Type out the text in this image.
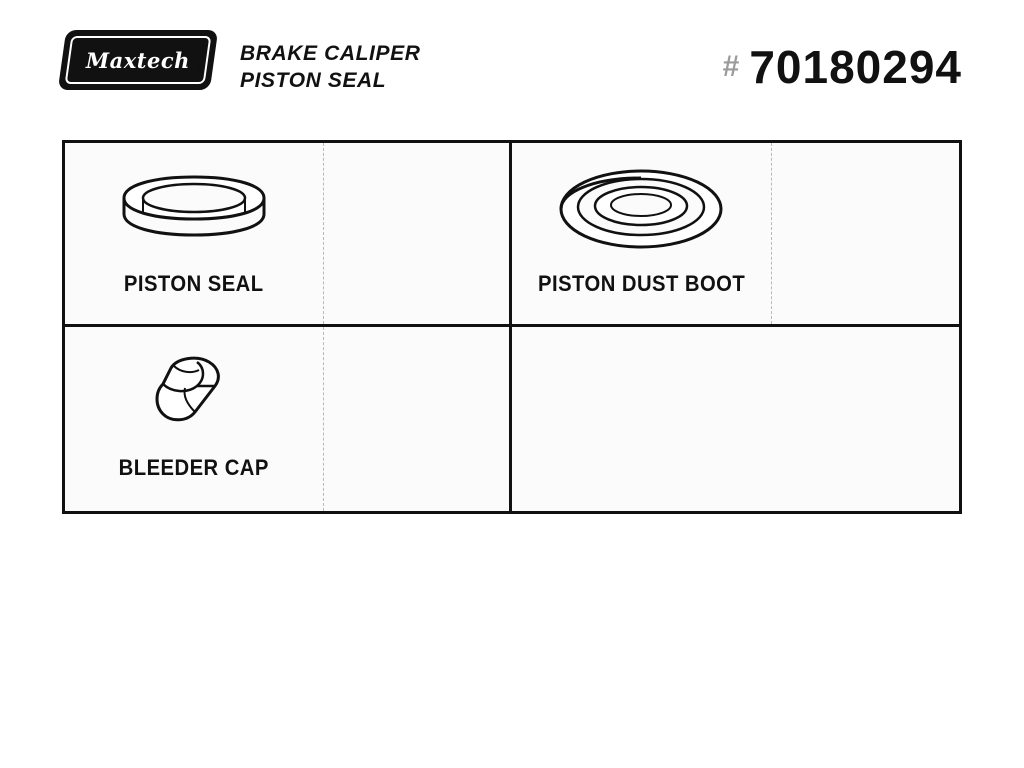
Maxtech ®
BRAKE CALIPER
PISTON SEAL	# 70180294
PISTON SEAL	PISTON DUST BOOT
BLEEDER CAP
